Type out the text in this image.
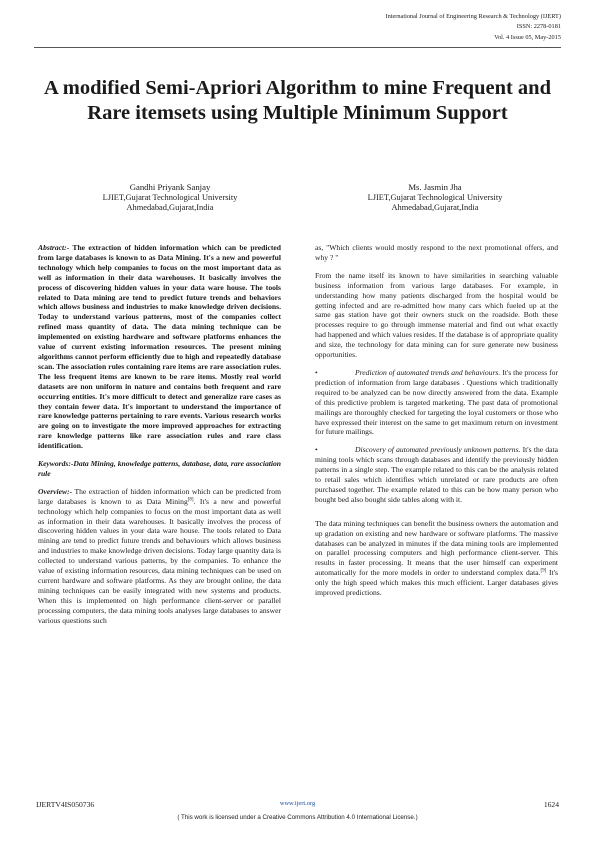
International Journal of Engineering Research & Technology (IJERT)
ISSN: 2278-0181
Vol. 4 Issue 05, May-2015
A modified Semi-Apriori Algorithm to mine Frequent and Rare itemsets using Multiple Minimum Support
Gandhi Priyank Sanjay
LJIET,Gujarat Technological University
Ahmedabad,Gujarat,India
Ms. Jasmin Jha
LJIET,Gujarat Technological University
Ahmedabad,Gujarat,India

Abstract:- The extraction of hidden information which can be predicted from large databases is known to as Data Mining. It's a new and powerful technology which help companies to focus on the most important data as well as information in their data warehouses. It basically involves the process of discovering hidden values in your data ware house. The tools related to Data mining are tend to predict future trends and behaviors which allows business and industries to make knowledge driven decisions. Today to understand various patterns, most of the companies collect refined mass quantity of data. The data mining technique can be implemented on existing hardware and software platforms enhances the value of current existing information resources. The present mining algorithms cannot perform efficiently due to high and repeatedly database scan. The association rules containing rare items are rare association rules. The less frequent items are known to be rare items. Mostly real world datasets are non uniform in nature and contains both frequent and rare occurring entities. It's more difficult to detect and generalize rare cases as they contain fewer data. It's important to understand the importance of rare knowledge patterns pertaining to rare events. Various research works are going on to investigate the more improved approaches for extracting rare knowledge patterns like rare association rules and rare class identification.

Keywords:-Data Mining, knowledge patterns, database, data, rare association rule

Overview:- The extraction of hidden information which can be predicted from large databases is known to as Data Mining[8]. It's a new and powerful technology which help companies to focus on the most important data as well as information in their data warehouses. It basically involves the process of discovering hidden values in your data ware house. The tools related to Data mining are tend to predict future trends and behaviours which allows business and industries to make knowledge driven decisions. Today large quantity data is collected to understand various patterns, by the companies. To enhance the value of existing information resources, data mining techniques can be used on current hardware and software platforms. As they are brought online, the data mining techniques can be easily integrated with new systems and products. When this is implemented on high performance client-server or parallel processing computers, the data mining tools analyses large databases to answer various questions such

as, "Which clients would mostly respond to the next promotional offers, and why ? "

From the name itself its known to have similarities in searching valuable business information from various large databases. For example, in understanding how many patients discharged from the hospital would be getting infected and are re-admitted how many cars which fueled up at the same gas station have got their owners stuck on the roadside. Both these processes require to go through immense material and find out what exactly had happened and which values resides. If the database is of appropriate quality and size, the technology for data mining can for sure generate new business opportunities.

•	Prediction of automated trends and behaviours. It's the process for prediction of information from large databases . Questions which traditionally required to be analyzed can be now directly answered from the data. Example of this predictive problem is targeted marketing. The past data of promotional mailings are thoroughly checked for targeting the loyal customers or those who have expressed their interest on the same to get maximum return on investment for future mailings.

•	Discovery of automated previously unknown patterns. It's the data mining tools which scans through databases and identify the previously hidden patterns in a single step. The example related to this can be the analysis related to retail sales which identifies which unrelated or rare products are often purchased together. The example related to this can be how many person who bought bed also bought side tables along with it.

The data mining techniques can benefit the business owners the automation and up gradation on existing and new hardware or software platforms. The massive databases can be analyzed in minutes if the data mining tools are implemented on parallel processing computers and high performance client-server. This results in faster processing. It means that the user himself can experiment automatically for the more models in order to understand complex data.[9] It's only the high speed which makes this much efficient. Larger databases gives improved predictions.

IJERTV4IS050736	www.ijert.org	1624
( This work is licensed under a Creative Commons Attribution 4.0 International License.)
